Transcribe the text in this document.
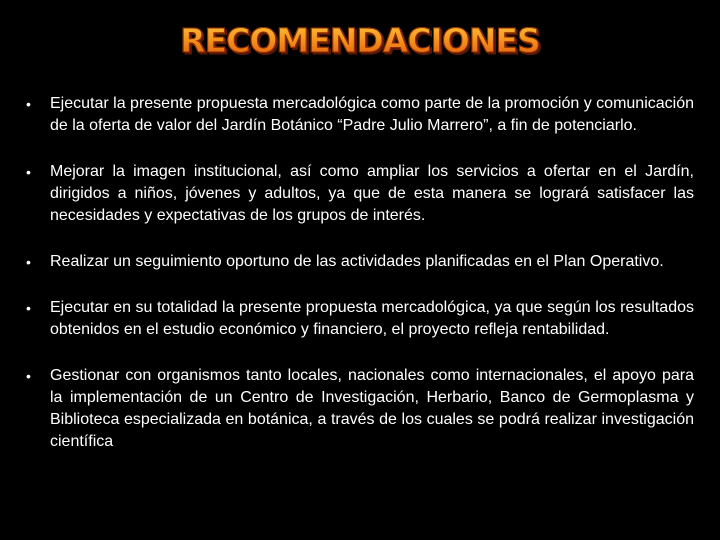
RECOMENDACIONES
•	Ejecutar la presente propuesta mercadológica como parte de la promoción y comunicación de la oferta de valor del Jardín Botánico “Padre Julio Marrero”, a fin de potenciarlo.
•	Mejorar la imagen institucional, así como ampliar los servicios a ofertar en el Jardín, dirigidos a niños, jóvenes y adultos, ya que de esta manera se logrará satisfacer las necesidades y expectativas de los grupos de interés.
•	Realizar un seguimiento oportuno de las actividades planificadas en el Plan Operativo.
•	Ejecutar en su totalidad la presente propuesta mercadológica, ya que según los resultados obtenidos en el estudio económico y financiero, el proyecto refleja rentabilidad.
•	Gestionar con organismos tanto locales, nacionales como internacionales, el apoyo para la implementación de un Centro de Investigación, Herbario, Banco de Germoplasma y Biblioteca especializada en botánica, a través de los cuales se podrá realizar investigación científica
